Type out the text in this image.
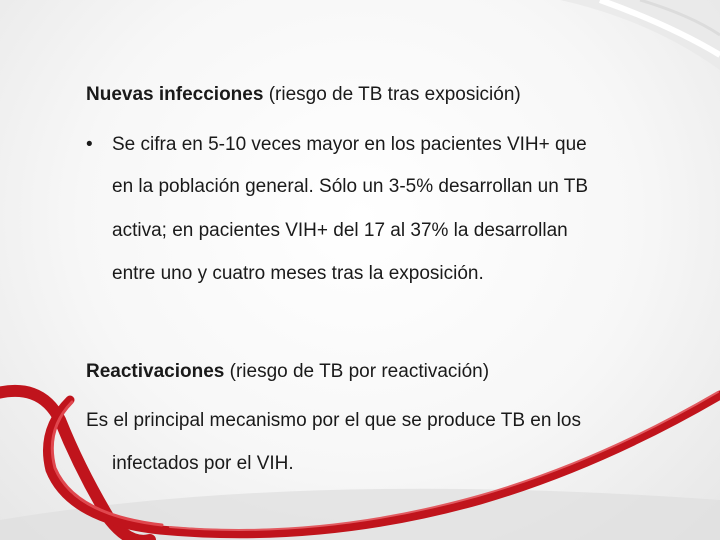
Nuevas infecciones (riesgo de TB tras exposición)
• Se cifra en 5-10 veces mayor en los pacientes VIH+ que
en la población general. Sólo un 3-5% desarrollan un TB
activa; en pacientes VIH+ del 17 al 37% la desarrollan
entre uno y cuatro meses tras la exposición.
Reactivaciones (riesgo de TB por reactivación)
Es el principal mecanismo por el que se produce TB en los
infectados por el VIH.
